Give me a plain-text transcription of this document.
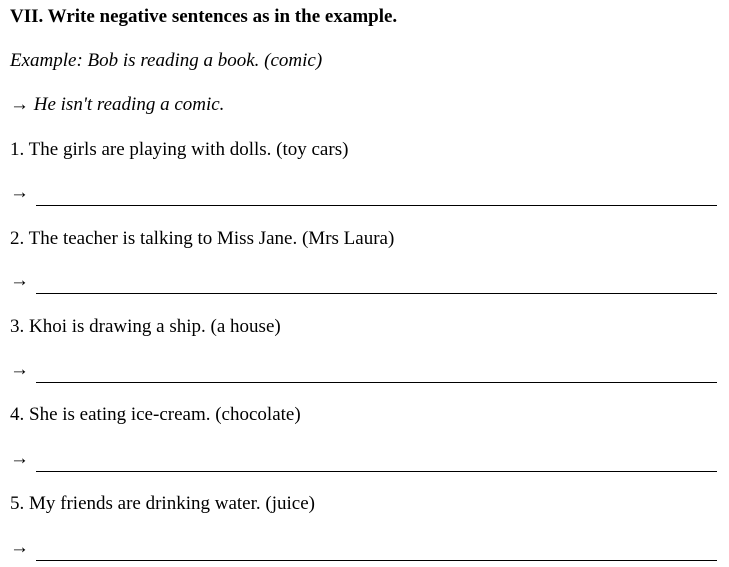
VII. Write negative sentences as in the example.
Example: Bob is reading a book. (comic)
→ He isn't reading a comic.
1. The girls are playing with dolls. (toy cars)
→
2. The teacher is talking to Miss Jane. (Mrs Laura)
→
3. Khoi is drawing a ship. (a house)
→
4. She is eating ice-cream. (chocolate)
→
5. My friends are drinking water. (juice)
→
